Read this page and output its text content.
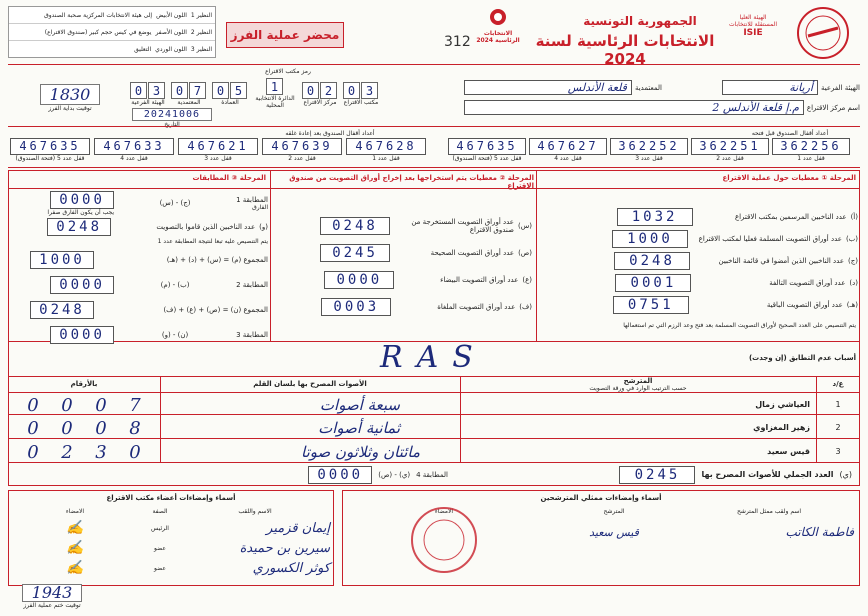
النظير 1
اللون الأبيض
إلى هيئة الانتخابات المركزية صحبة الصندوق
النظير 2
اللون الأصفر
يوضع في كيس حجم كبير (صندوق الاقتراع)
النظير 3
اللون الوردي
التعليق
محضر عملية الفرز	312
الانتخابات الرئاسية 2024
الجمهورية التونسية
الانتخابات الرئاسية لسنة 2024
الهيئة العليا المستقلة للانتخابات
ISIE
1830
توقيت بداية الفرز
رمز مكتب الاقتراع
0 3
الهيئة الفرعية
0 7
المعتمدية
0 5
العمادة
1
الدائرة الانتخابية المحلية
0 2
مركز الاقتراع
0 3
مكتب الاقتراع
20241006
التاريخ
الهيئة الفرعية
أريانة
المعتمدية
قلعة الأندلس
اسم مركز الاقتراع
م.إ قلعة الأندلس 2
أعداد أقفال الصندوق بعد إعادة غلقه	أعداد أقفال الصندوق قبل فتحه
467635
قفل عدد 5 (فتحة الصندوق)
467633
قفل عدد 4
467621
قفل عدد 3
467639
قفل عدد 2
467628
قفل عدد 1
467635
قفل عدد 5 (فتحة الصندوق)
467627
قفل عدد 4
362252
قفل عدد 3
362251
قفل عدد 2
362256
قفل عدد 1
المرحلة ③ المطابقات	المرحلة ② معطيات يتم استخراجها بعد إخراج أوراق التصويت من صندوق الاقتراع
المرحلة ① معطيات حول عملية الاقتراع
(أ)
عدد الناخبين المرسمين بمكتب الاقتراع
1032
(ب)
عدد أوراق التصويت المسلمة فعليا لمكتب الاقتراع
1000
(ج)
عدد الناخبين الذين أمضوا في قائمة الناخبين
0248
(د)
عدد أوراق التصويت التالفة
0001
(هـ)
عدد أوراق التصويت الباقية
0751
يتم التنصيص على العدد الصحيح لأوراق التصويت المسلمة بعد فتح وعد الرزم التي تم استعمالها
(س)
عدد أوراق التصويت المستخرجة من صندوق الاقتراع
0248
(ص)
عدد أوراق التصويت الصحيحة
0245
(ع)
عدد أوراق التصويت البيضاء
0000
(ف)
عدد أوراق التصويت الملغاة
0003
المطابقة 1
الفارق
(ج) - (س)
0000
يجب أن يكون الفارق صفرا
(و)
عدد الناخبين الذين قاموا بالتصويت
0248
يتم التنصيص عليه تبعا لنتيجة المطابقة عدد 1
المجموع (م) = (س) + (د) + (هـ)
1000
المطابقة 2
(ب) - (م)
0000
المجموع (ن) = (ص) + (ع) + (ف)
0248
المطابقة 3
(ن) - (و)
0000
أسباب عدم التطابق (إن وجدت)
RAS
بالأرقام	الأصوات المصرح بها بلسان القلم	المترشح
حسب الترتيب الوارد في ورقة التصويت
ع/د
0 0 0 7	سبعة أصوات	العياشي زمال	1
0 0 0 8	ثمانية أصوات	زهير المغزاوي	2
0 2 3 0	مائتان وثلاثون صوتا	قيس سعيد	3
(ي)
العدد الجملي للأصوات المصرح بها
0245
المطابقة 4
(ي) - (ص)
0000
أسماء وإمضاءات أعضاء مكتب الاقتراع
الامضاء	الصفة	الاسم واللقب
✍	الرئيس	إيمان قزمير
✍	عضو	سيرين بن حميدة
✍	عضو	كوثر الكسوري
أسماء وإمضاءات ممثلي المترشحين
الامضاء	المترشح	اسم ولقب ممثل المترشح
قيس سعيد	فاطمة الكاتب
1943
توقيت ختم عملية الفرز
